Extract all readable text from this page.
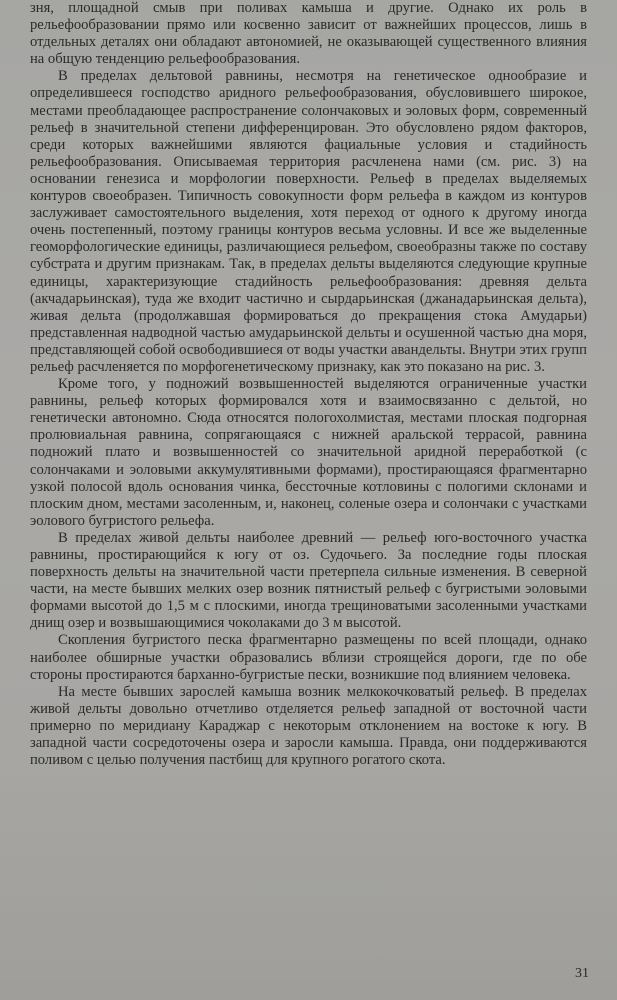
зня, площадной смыв при поливах камыша и другие. Однако их роль в рельефообразовании прямо или косвенно зависит от важнейших процессов, лишь в отдельных деталях они обладают автономией, не оказывающей существенного влияния на общую тенденцию рельефообразования.

В пределах дельтовой равнины, несмотря на генетическое однообразие и определившееся господство аридного рельефообразования, обусловившего широкое, местами преобладающее распространение солончаковых и эоловых форм, современный рельеф в значительной степени дифференцирован. Это обусловлено рядом факторов, среди которых важнейшими являются фациальные условия и стадийность рельефообразования. Описываемая территория расчленена нами (см. рис. 3) на основании генезиса и морфологии поверхности. Рельеф в пределах выделяемых контуров своеобразен. Типичность совокупности форм рельефа в каждом из контуров заслуживает самостоятельного выделения, хотя переход от одного к другому иногда очень постепенный, поэтому границы контуров весьма условны. И все же выделенные геоморфологические единицы, различающиеся рельефом, своеобразны также по составу субстрата и другим признакам. Так, в пределах дельты выделяются следующие крупные единицы, характеризующие стадийность рельефообразования: древняя дельта (акчадарьинская), туда же входит частично и сырдарьинская (джанадарьинская дельта), живая дельта (продолжавшая формироваться до прекращения стока Амударьи) представленная надводной частью амударьинской дельты и осушенной частью дна моря, представляющей собой освободившиеся от воды участки авандельты. Внутри этих групп рельеф расчленяется по морфогенетическому признаку, как это показано на рис. 3.

Кроме того, у подножий возвышенностей выделяются ограниченные участки равнины, рельеф которых формировался хотя и взаимосвязанно с дельтой, но генетически автономно. Сюда относятся пологохолмистая, местами плоская подгорная пролювиальная равнина, сопрягающаяся с нижней аральской террасой, равнина подножий плато и возвышенностей со значительной аридной переработкой (с солончаками и эоловыми аккумулятивными формами), простирающаяся фрагментарно узкой полосой вдоль основания чинка, бессточные котловины с пологими склонами и плоским дном, местами засоленным, и, наконец, соленые озера и солончаки с участками эолового бугристого рельефа.

В пределах живой дельты наиболее древний — рельеф юго-восточного участка равнины, простирающийся к югу от оз. Судочьего. За последние годы плоская поверхность дельты на значительной части претерпела сильные изменения. В северной части, на месте бывших мелких озер возник пятнистый рельеф с бугристыми эоловыми формами высотой до 1,5 м с плоскими, иногда трещиноватыми засоленными участками днищ озер и возвышающимися чоколаками до 3 м высотой.

Скопления бугристого песка фрагментарно размещены по всей площади, однако наиболее обширные участки образовались вблизи строящейся дороги, где по обе стороны простираются барханно-бугристые пески, возникшие под влиянием человека.

На месте бывших зарослей камыша возник мелкокочковатый рельеф. В пределах живой дельты довольно отчетливо отделяется рельеф западной от восточной части примерно по меридиану Караджар с некоторым отклонением на востоке к югу. В западной части сосредоточены озера и заросли камыша. Правда, они поддерживаются поливом с целью получения пастбищ для крупного рогатого скота.

31
